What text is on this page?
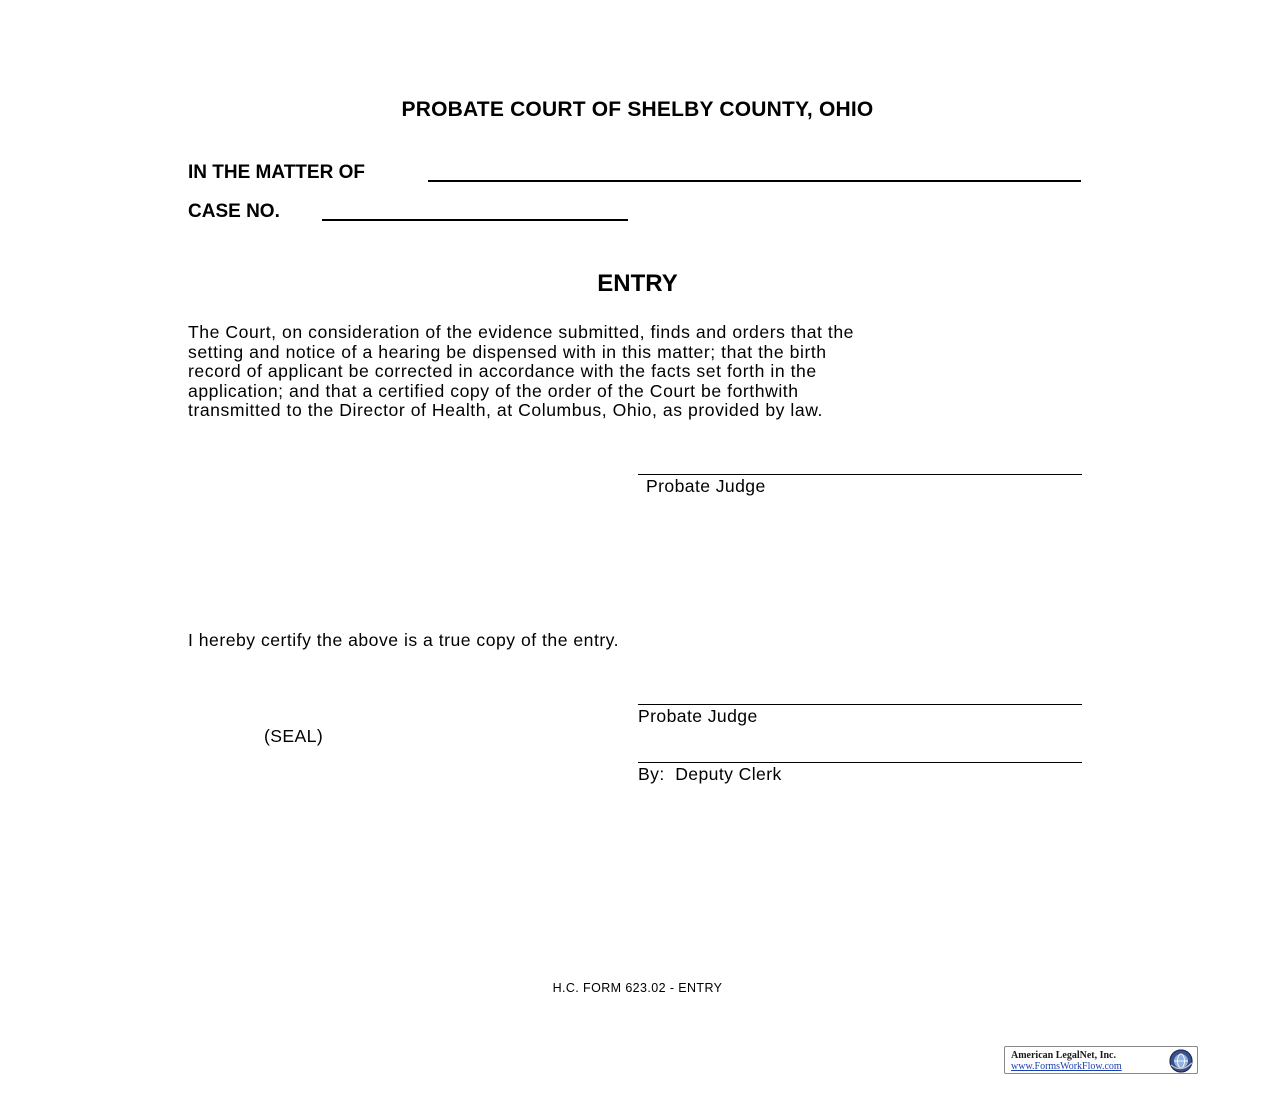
PROBATE COURT OF SHELBY COUNTY, OHIO
IN THE MATTER OF
CASE NO.
ENTRY
The Court, on consideration of the evidence submitted, finds and orders that the
setting and notice of a hearing be dispensed with in this matter; that the birth
record of applicant be corrected in accordance with the facts set forth in the
application; and that a certified copy of the order of the Court be forthwith
transmitted to the Director of Health, at Columbus, Ohio, as provided by law.
Probate Judge
I hereby certify the above is a true copy of the entry.
Probate Judge
(SEAL)
By:  Deputy Clerk
H.C. FORM 623.02 - ENTRY
American LegalNet, Inc.
www.FormsWorkFlow.com
